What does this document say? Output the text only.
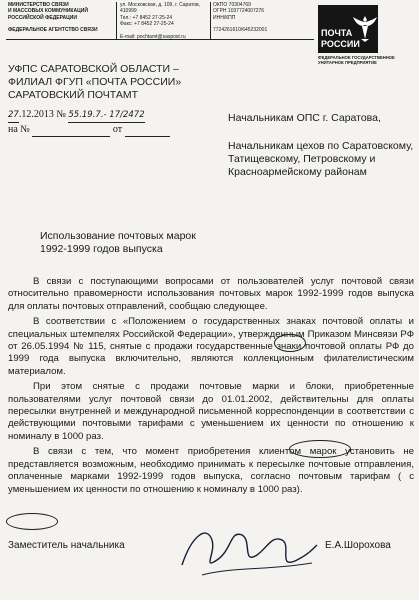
МИНИСТЕРСТВО СВЯЗИ
И МАССОВЫХ КОММУНИКАЦИЙ
РОССИЙСКОЙ ФЕДЕРАЦИИ
ФЕДЕРАЛЬНОЕ АГЕНТСТВО СВЯЗИ
ул. Московская, д. 109, г. Саратов, 410999
Тел.: +7 8452 27-25-24
Факс: +7 8452 27-25-24
E-mail: pochtamt@saspost.ru
ОКПО 70304769
ОГРН 1037724007276
ИНН/КПП
7724261610/645232001	ПОЧТА
РОССИИ
ФЕДЕРАЛЬНОЕ ГОСУДАРСТВЕННОЕ УНИТАРНОЕ ПРЕДПРИЯТИЕ
УФПС САРАТОВСКОЙ ОБЛАСТИ –
ФИЛИАЛ ФГУП «ПОЧТА РОССИИ»
САРАТОВСКИЙ ПОЧТАМТ
27.12.2013 № 55.19.7.- 17/2472
на №	от
Начальникам ОПС г. Саратова,
Начальникам цехов по Саратовскому, Татищевскому, Петровскому и Красноармейскому районам
Использование почтовых марок
1992-1999 годов выпуска

В связи с поступающими вопросами от пользователей услуг почтовой связи относительно правомерности использования почтовых марок 1992-1999 годов выпуска для оплаты почтовых отправлений, сообщаю следующее.

В соответствии с «Положением о государственных знаках почтовой оплаты и специальных штемпелях Российской Федерации», утвержденным Приказом Минсвязи РФ от 26.05.1994 № 115, снятые с продажи государственные знаки почтовой оплаты РФ до 1999 года выпуска включительно, являются коллекционным филателистическим материалом.

При этом снятые с продажи почтовые марки и блоки, приобретенные пользователями услуг почтовой связи до 01.01.2002, действительны для оплаты пересылки внутренней и международной письменной корреспонденции в соответствии с действующими почтовыми тарифами с уменьшением их ценности по отношению к номиналу в 1000 раз.

В связи с тем, что момент приобретения клиентом марок установить не представляется возможным, необходимо принимать к пересылке почтовые отправления, оплаченные марками 1992-1999 годов выпуска, согласно почтовым тарифам ( с уменьшением их ценности по отношению к номиналу в 1000 раз).

Заместитель начальника	Е.А.Шорохова
